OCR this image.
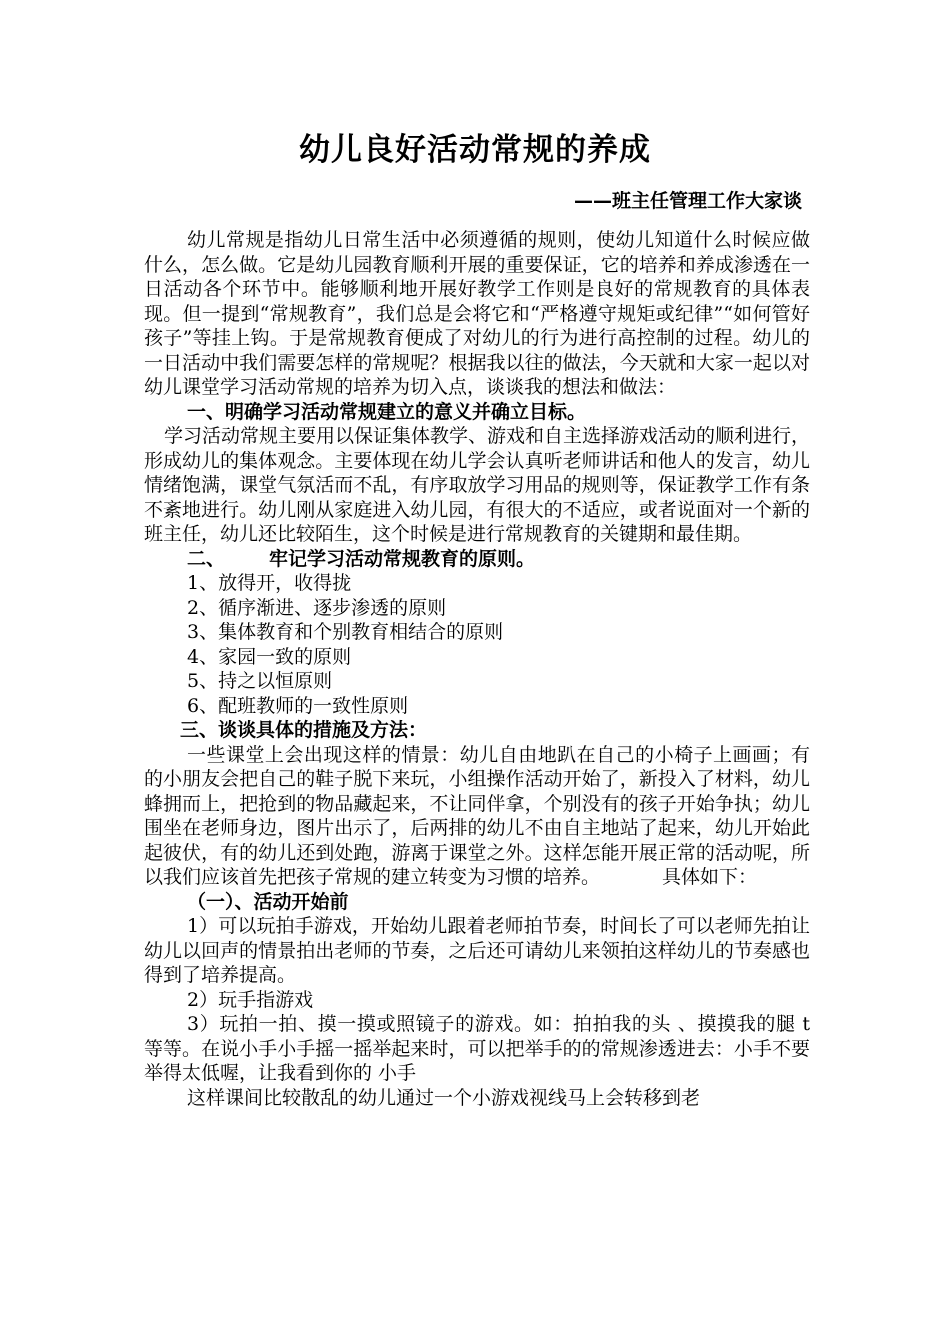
幼儿良好活动常规的养成
——班主任管理工作大家谈

幼儿常规是指幼儿日常生活中必须遵循的规则，使幼儿知道什么时候应做什么，怎么做。它是幼儿园教育顺利开展的重要保证，它的培养和养成渗透在一日活动各个环节中。能够顺利地开展好教学工作则是良好的常规教育的具体表现。但一提到“常规教育”，我们总是会将它和“严格遵守规矩或纪律”“如何管好孩子”等挂上钩。于是常规教育便成了对幼儿的行为进行高控制的过程。幼儿的一日活动中我们需要怎样的常规呢？根据我以往的做法，今天就和大家一起以对幼儿课堂学习活动常规的培养为切入点，谈谈我的想法和做法：

一、明确学习活动常规建立的意义并确立目标。

学习活动常规主要用以保证集体教学、游戏和自主选择游戏活动的顺利进行，形成幼儿的集体观念。主要体现在幼儿学会认真听老师讲话和他人的发言，幼儿情绪饱满，课堂气氛活而不乱，有序取放学习用品的规则等，保证教学工作有条不紊地进行。幼儿刚从家庭进入幼儿园，有很大的不适应，或者说面对一个新的班主任，幼儿还比较陌生，这个时候是进行常规教育的关键期和最佳期。

二、 牢记学习活动常规教育的原则。

1、放得开，收得拢

2、循序渐进、逐步渗透的原则

3、集体教育和个别教育相结合的原则

4、家园一致的原则

5、持之以恒原则

6、配班教师的一致性原则

三、谈谈具体的措施及方法：

一些课堂上会出现这样的情景：幼儿自由地趴在自己的小椅子上画画；有的小朋友会把自己的鞋子脱下来玩，小组操作活动开始了，新投入了材料，幼儿蜂拥而上，把抢到的物品藏起来，不让同伴拿，个别没有的孩子开始争执；幼儿围坐在老师身边，图片出示了，后两排的幼儿不由自主地站了起来，幼儿开始此起彼伏，有的幼儿还到处跑，游离于课堂之外。这样怎能开展正常的活动呢，所以我们应该首先把孩子常规的建立转变为习惯的培养。	具体如下：

（一）、活动开始前

1）可以玩拍手游戏，开始幼儿跟着老师拍节奏，时间长了可以老师先拍让幼儿以回声的情景拍出老师的节奏，之后还可请幼儿来领拍这样幼儿的节奏感也得到了培养提高。

2）玩手指游戏

3）玩拍一拍、摸一摸或照镜子的游戏。如：拍拍我的头 、摸摸我的腿 t 等等。在说小手小手摇一摇举起来时，可以把举手的的常规渗透进去：小手不要举得太低喔，让我看到你的 小手

这样课间比较散乱的幼儿通过一个小游戏视线马上会转移到老
